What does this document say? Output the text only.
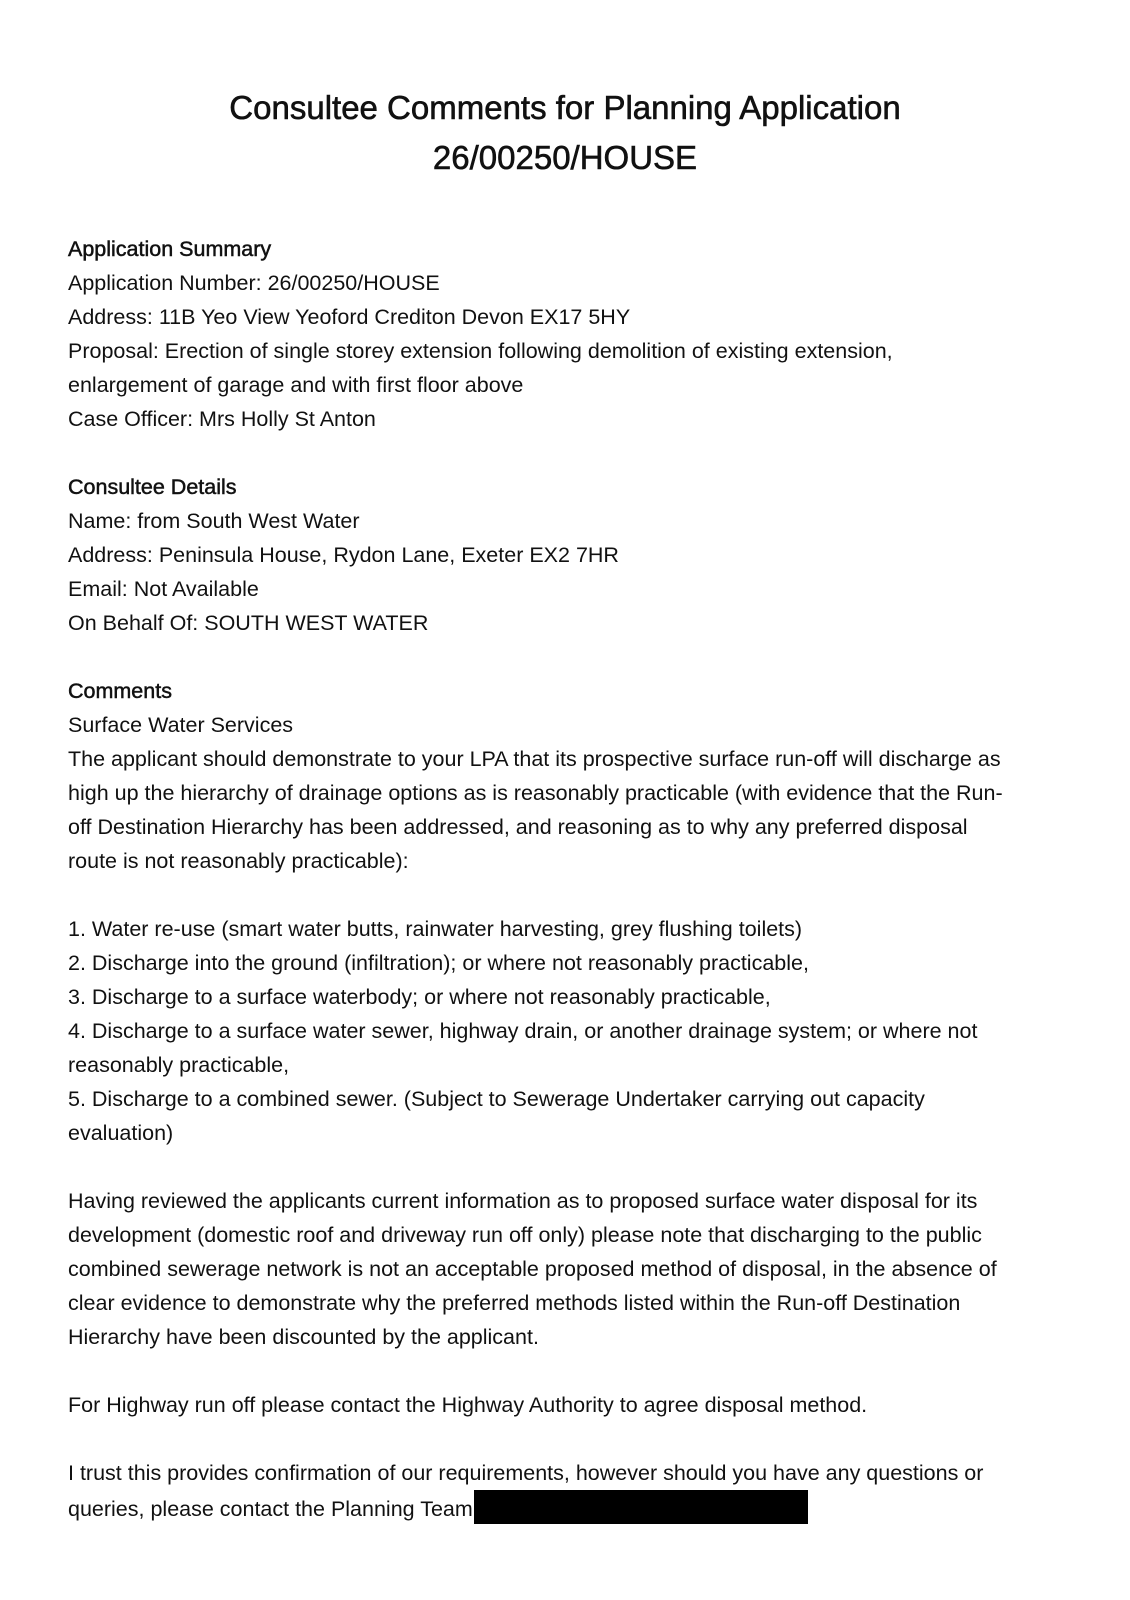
Consultee Comments for Planning Application
26/00250/HOUSE

Application Summary

Application Number: 26/00250/HOUSE

Address: 11B Yeo View Yeoford Crediton Devon EX17 5HY

Proposal: Erection of single storey extension following demolition of existing extension,

enlargement of garage and with first floor above

Case Officer: Mrs Holly St Anton

Consultee Details

Name: from South West Water

Address: Peninsula House, Rydon Lane, Exeter EX2 7HR

Email: Not Available

On Behalf Of: SOUTH WEST WATER

Comments

Surface Water Services

The applicant should demonstrate to your LPA that its prospective surface run-off will discharge as

high up the hierarchy of drainage options as is reasonably practicable (with evidence that the Run-

off Destination Hierarchy has been addressed, and reasoning as to why any preferred disposal

route is not reasonably practicable):

1. Water re-use (smart water butts, rainwater harvesting, grey flushing toilets)

2. Discharge into the ground (infiltration); or where not reasonably practicable,

3. Discharge to a surface waterbody; or where not reasonably practicable,

4. Discharge to a surface water sewer, highway drain, or another drainage system; or where not

reasonably practicable,

5. Discharge to a combined sewer. (Subject to Sewerage Undertaker carrying out capacity

evaluation)

Having reviewed the applicants current information as to proposed surface water disposal for its

development (domestic roof and driveway run off only) please note that discharging to the public

combined sewerage network is not an acceptable proposed method of disposal, in the absence of

clear evidence to demonstrate why the preferred methods listed within the Run-off Destination

Hierarchy have been discounted by the applicant.

For Highway run off please contact the Highway Authority to agree disposal method.

I trust this provides confirmation of our requirements, however should you have any questions or

queries, please contact the Planning Team
